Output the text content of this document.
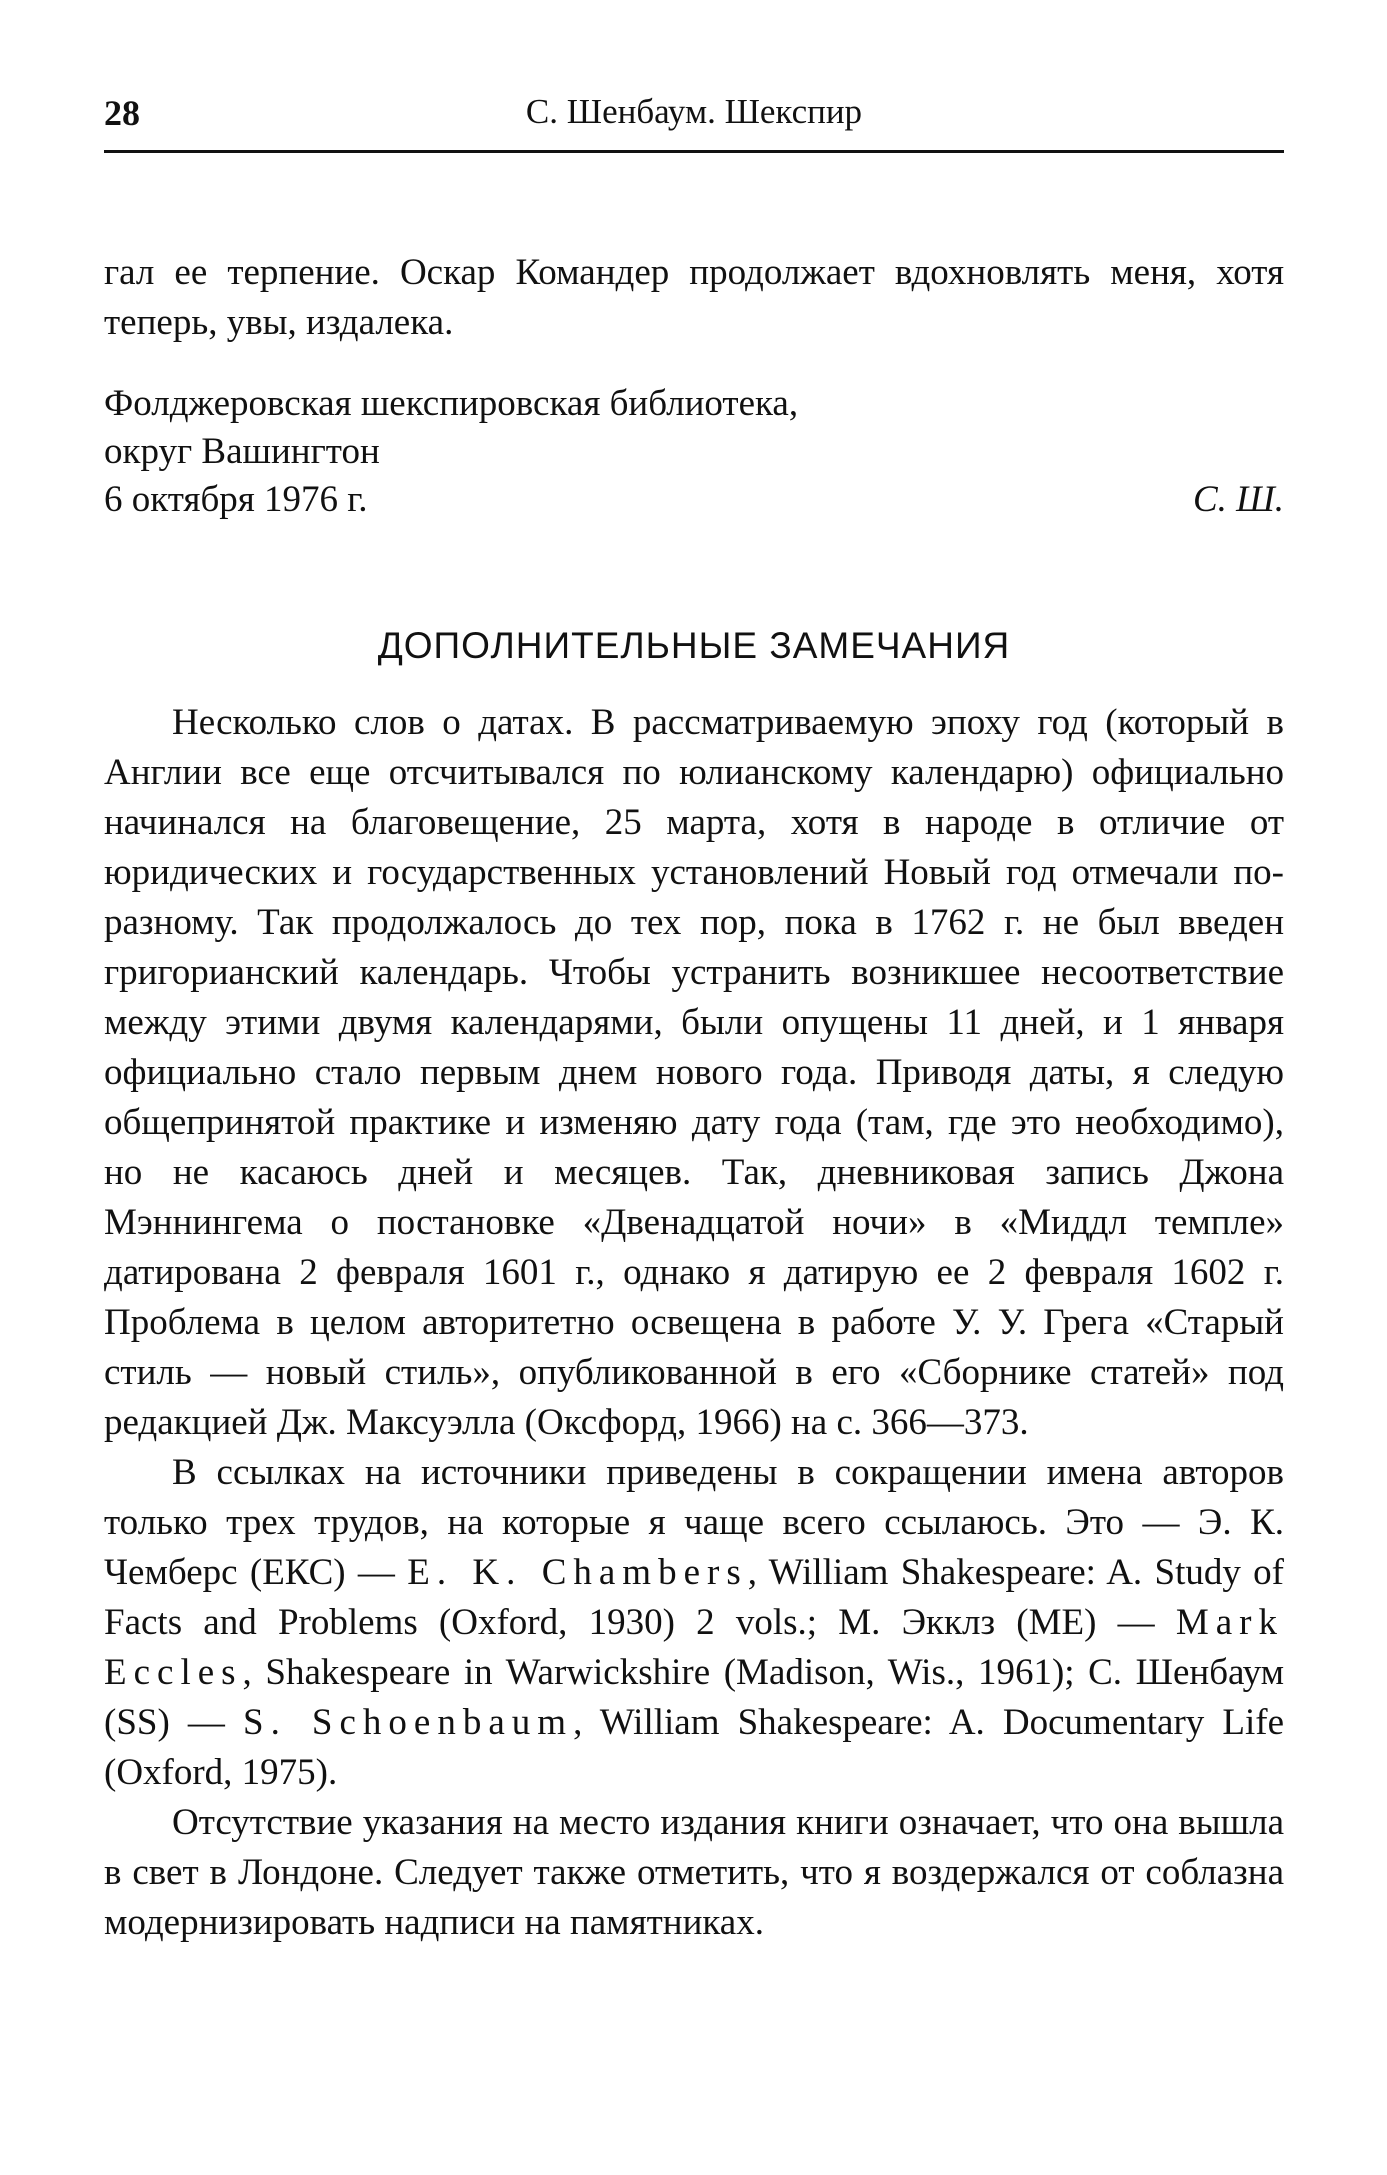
С. Шенбаум. Шекспир
28

гал ее терпение. Оскар Командер продолжает вдохновлять меня, хотя теперь, увы, издалека.

Фолджеровская шекспировская библиотека,
округ Вашингтон
6 октября 1976 г.	С. Ш.
ДОПОЛНИТЕЛЬНЫЕ ЗАМЕЧАНИЯ

Несколько слов о датах. В рассматриваемую эпоху год (который в Англии все еще отсчитывался по юлианскому календарю) официально начинался на благовещение, 25 марта, хотя в народе в отличие от юридических и государственных установлений Новый год отмечали по-разному. Так продолжалось до тех пор, пока в 1762 г. не был введен григорианский календарь. Чтобы устранить возникшее несоответствие между этими двумя календарями, были опущены 11 дней, и 1 января официально стало первым днем нового года. Приводя даты, я следую общепринятой практике и изменяю дату года (там, где это необходимо), но не касаюсь дней и месяцев. Так, дневниковая запись Джона Мэннингема о постановке «Двенадцатой ночи» в «Миддл темпле» датирована 2 февраля 1601 г., однако я датирую ее 2 февраля 1602 г. Проблема в целом авторитетно освещена в работе У. У. Грега «Старый стиль — новый стиль», опубликованной в его «Сборнике статей» под редакцией Дж. Максуэлла (Оксфорд, 1966) на с. 366—373.

В ссылках на источники приведены в сокращении имена авторов только трех трудов, на которые я чаще всего ссылаюсь. Это — Э. К. Чемберс (ЕКС) — E. K. Chambers, William Shakespeare: A. Study of Facts and Problems (Oxford, 1930) 2 vols.; М. Экклз (МЕ) — Mark Eccles, Shakespeare in Warwickshire (Madison, Wis., 1961); С. Шенбаум (SS) — S. Schoenbaum, William Shakespeare: A. Documentary Life (Oxford, 1975).

Отсутствие указания на место издания книги означает, что она вышла в свет в Лондоне. Следует также отметить, что я воздержался от соблазна модернизировать надписи на памятниках.
